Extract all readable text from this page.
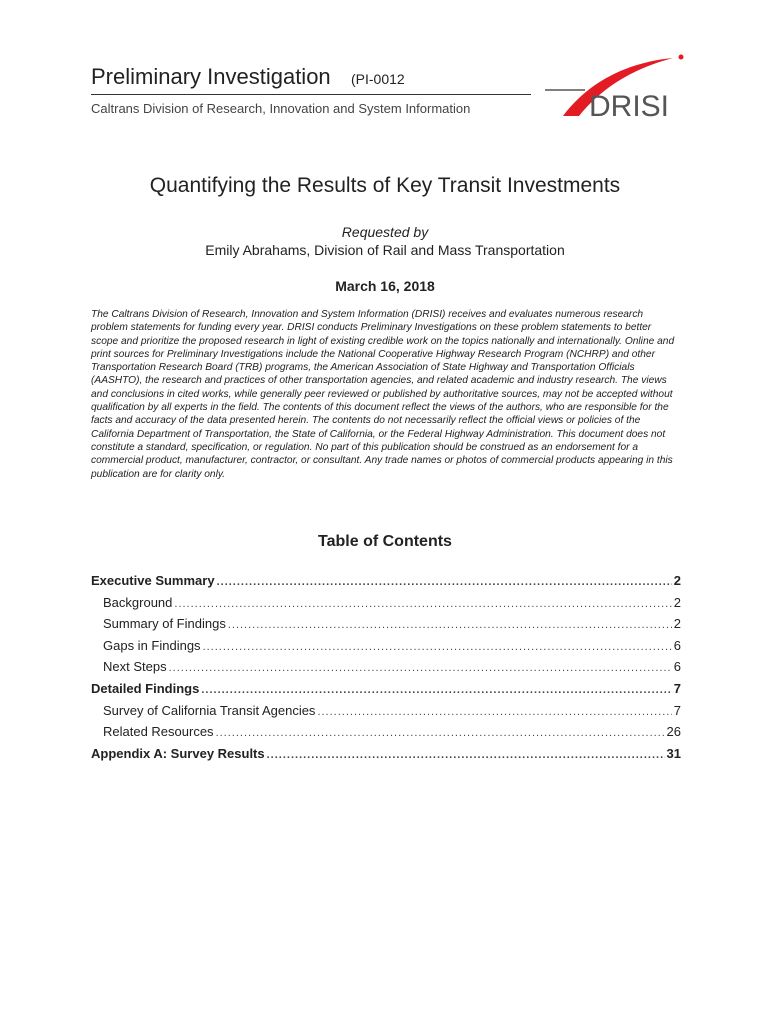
Preliminary Investigation (PI-0012
Caltrans Division of Research, Innovation and System Information	DRISI
Quantifying the Results of Key Transit Investments
Requested by
Emily Abrahams, Division of Rail and Mass Transportation
March 16, 2018
The Caltrans Division of Research, Innovation and System Information (DRISI) receives and evaluates numerous research problem statements for funding every year. DRISI conducts Preliminary Investigations on these problem statements to better scope and prioritize the proposed research in light of existing credible work on the topics nationally and internationally. Online and print sources for Preliminary Investigations include the National Cooperative Highway Research Program (NCHRP) and other Transportation Research Board (TRB) programs, the American Association of State Highway and Transportation Officials (AASHTO), the research and practices of other transportation agencies, and related academic and industry research. The views and conclusions in cited works, while generally peer reviewed or published by authoritative sources, may not be accepted without qualification by all experts in the field. The contents of this document reflect the views of the authors, who are responsible for the facts and accuracy of the data presented herein. The contents do not necessarily reflect the official views or policies of the California Department of Transportation, the State of California, or the Federal Highway Administration. This document does not constitute a standard, specification, or regulation. No part of this publication should be construed as an endorsement for a commercial product, manufacturer, contractor, or consultant. Any trade names or photos of commercial products appearing in this publication are for clarity only.
Table of Contents
Executive Summary .....	2
Background .....	2
Summary of Findings .....	2
Gaps in Findings .....	6
Next Steps .....	6
Detailed Findings .....	7
Survey of California Transit Agencies .....	7
Related Resources .....	26
Appendix A: Survey Results .....	31
